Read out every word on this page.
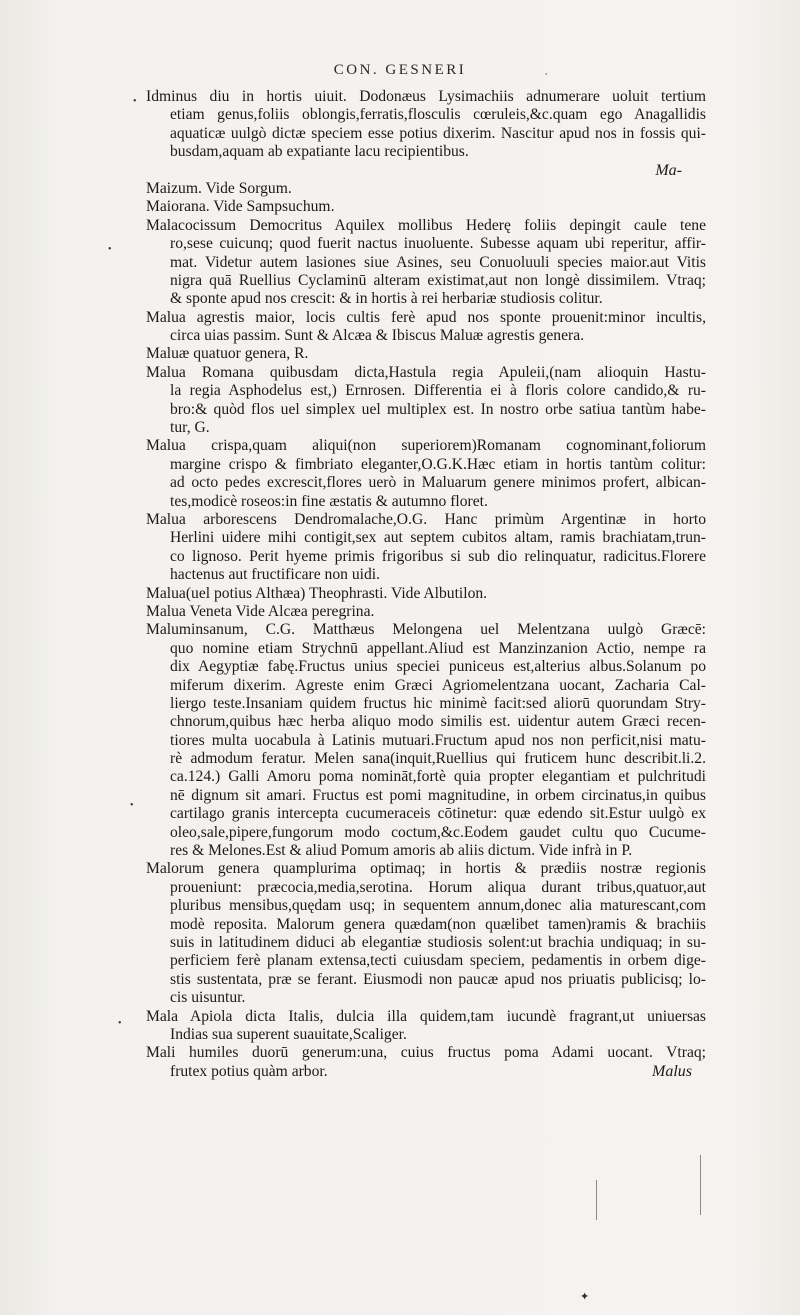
CON. GESNERI	ˌ
Idminus diu in hortis uiuit. Dodonæus Lysimachiis adnumerare uoluit tertium
etiam genus,foliis oblongis,ferratis,flosculis cœruleis,&c.quam ego Anagallidis
aquaticæ uulgò dictæ speciem esse potius dixerim. Nascitur apud nos in fossis qui-
busdam,aquam ab expatiante lacu recipientibus.
Ma-
Maizum. Vide Sorgum.
Maiorana. Vide Sampsuchum.
Malacocissum Democritus Aquilex mollibus Hederę foliis depingit caule tene
ro,sese cuicunq; quod fuerit nactus inuoluente. Subesse aquam ubi reperitur, affir-
mat. Videtur autem lasiones siue Asines, seu Conuoluuli species maior.aut Vitis
nigra quā Ruellius Cyclaminū alteram existimat,aut non longè dissimilem. Vtraq;
& sponte apud nos crescit: & in hortis à rei herbariæ studiosis colitur.
Malua agrestis maior, locis cultis ferè apud nos sponte prouenit:minor incultis,
circa uias passim. Sunt & Alcæa & Ibiscus Maluæ agrestis genera.
Maluæ quatuor genera, R.
Malua Romana quibusdam dicta,Hastula regia Apuleii,(nam alioquin Hastu-
la regia Asphodelus est,) Ernrosen. Differentia ei à floris colore candido,& ru-
bro:& quòd flos uel simplex uel multiplex est. In nostro orbe satiua tantùm habe-
tur, G.
Malua crispa,quam aliqui(non superiorem)Romanam cognominant,foliorum
margine crispo & fimbriato eleganter,O.G.K.Hæc etiam in hortis tantùm colitur:
ad octo pedes excrescit,flores uerò in Maluarum genere minimos profert, albican-
tes,modicè roseos:in fine æstatis & autumno floret.
Malua arborescens Dendromalache,O.G. Hanc primùm Argentinæ in horto
Herlini uidere mihi contigit,sex aut septem cubitos altam, ramis brachiatam,trun-
co lignoso. Perit hyeme primis frigoribus si sub dio relinquatur, radicitus.Florere
hactenus aut fructificare non uidi.
Malua(uel potius Althæa) Theophrasti. Vide Albutilon.
Malua Veneta Vide Alcæa peregrina.
Maluminsanum, C.G. Matthæus Melongena uel Melentzana uulgò Græcē:
quo nomine etiam Strychnū appellant.Aliud est Manzinzanion Actio, nempe ra
dix Aegyptiæ fabę.Fructus unius speciei puniceus est,alterius albus.Solanum po
miferum dixerim. Agreste enim Græci Agriomelentzana uocant, Zacharia Cal-
liergo teste.Insaniam quidem fructus hic minimè facit:sed aliorū quorundam Stry-
chnorum,quibus hæc herba aliquo modo similis est. uidentur autem Græci recen-
tiores multa uocabula à Latinis mutuari.Fructum apud nos non perficit,nisi matu-
rè admodum feratur. Melen sana(inquit,Ruellius qui fruticem hunc describit.li.2.
ca.124.) Galli Amoru poma nomināt,fortè quia propter elegantiam et pulchritudi
nē dignum sit amari. Fructus est pomi magnitudine, in orbem circinatus,in quibus
cartilago granis intercepta cucumeraceis cōtinetur: quæ edendo sit.Estur uulgò ex
oleo,sale,pipere,fungorum modo coctum,&c.Eodem gaudet cultu quo Cucume-
res & Melones.Est & aliud Pomum amoris ab aliis dictum. Vide infrà in P.
Malorum genera quamplurima optimaq; in hortis & prædiis nostræ regionis
proueniunt: præcocia,media,serotina. Horum aliqua durant tribus,quatuor,aut
pluribus mensibus,quędam usq; in sequentem annum,donec alia maturescant,com
modè reposita. Malorum genera quædam(non quælibet tamen)ramis & brachiis
suis in latitudinem diduci ab elegantiæ studiosis solent:ut brachia undiquaq; in su-
perficiem ferè planam extensa,tecti cuiusdam speciem, pedamentis in orbem dige-
stis sustentata, præ se ferant. Eiusmodi non paucæ apud nos priuatis publicisq; lo-
cis uisuntur.
Mala Apiola dicta Italis, dulcia illa quidem,tam iucundè fragrant,ut uniuersas
Indias sua superent suauitate,Scaliger.
Mali humiles duorū generum:una, cuius fructus poma Adami uocant. Vtraq;
frutex potius quàm arbor.	Malus
•
•
•
•
✦
